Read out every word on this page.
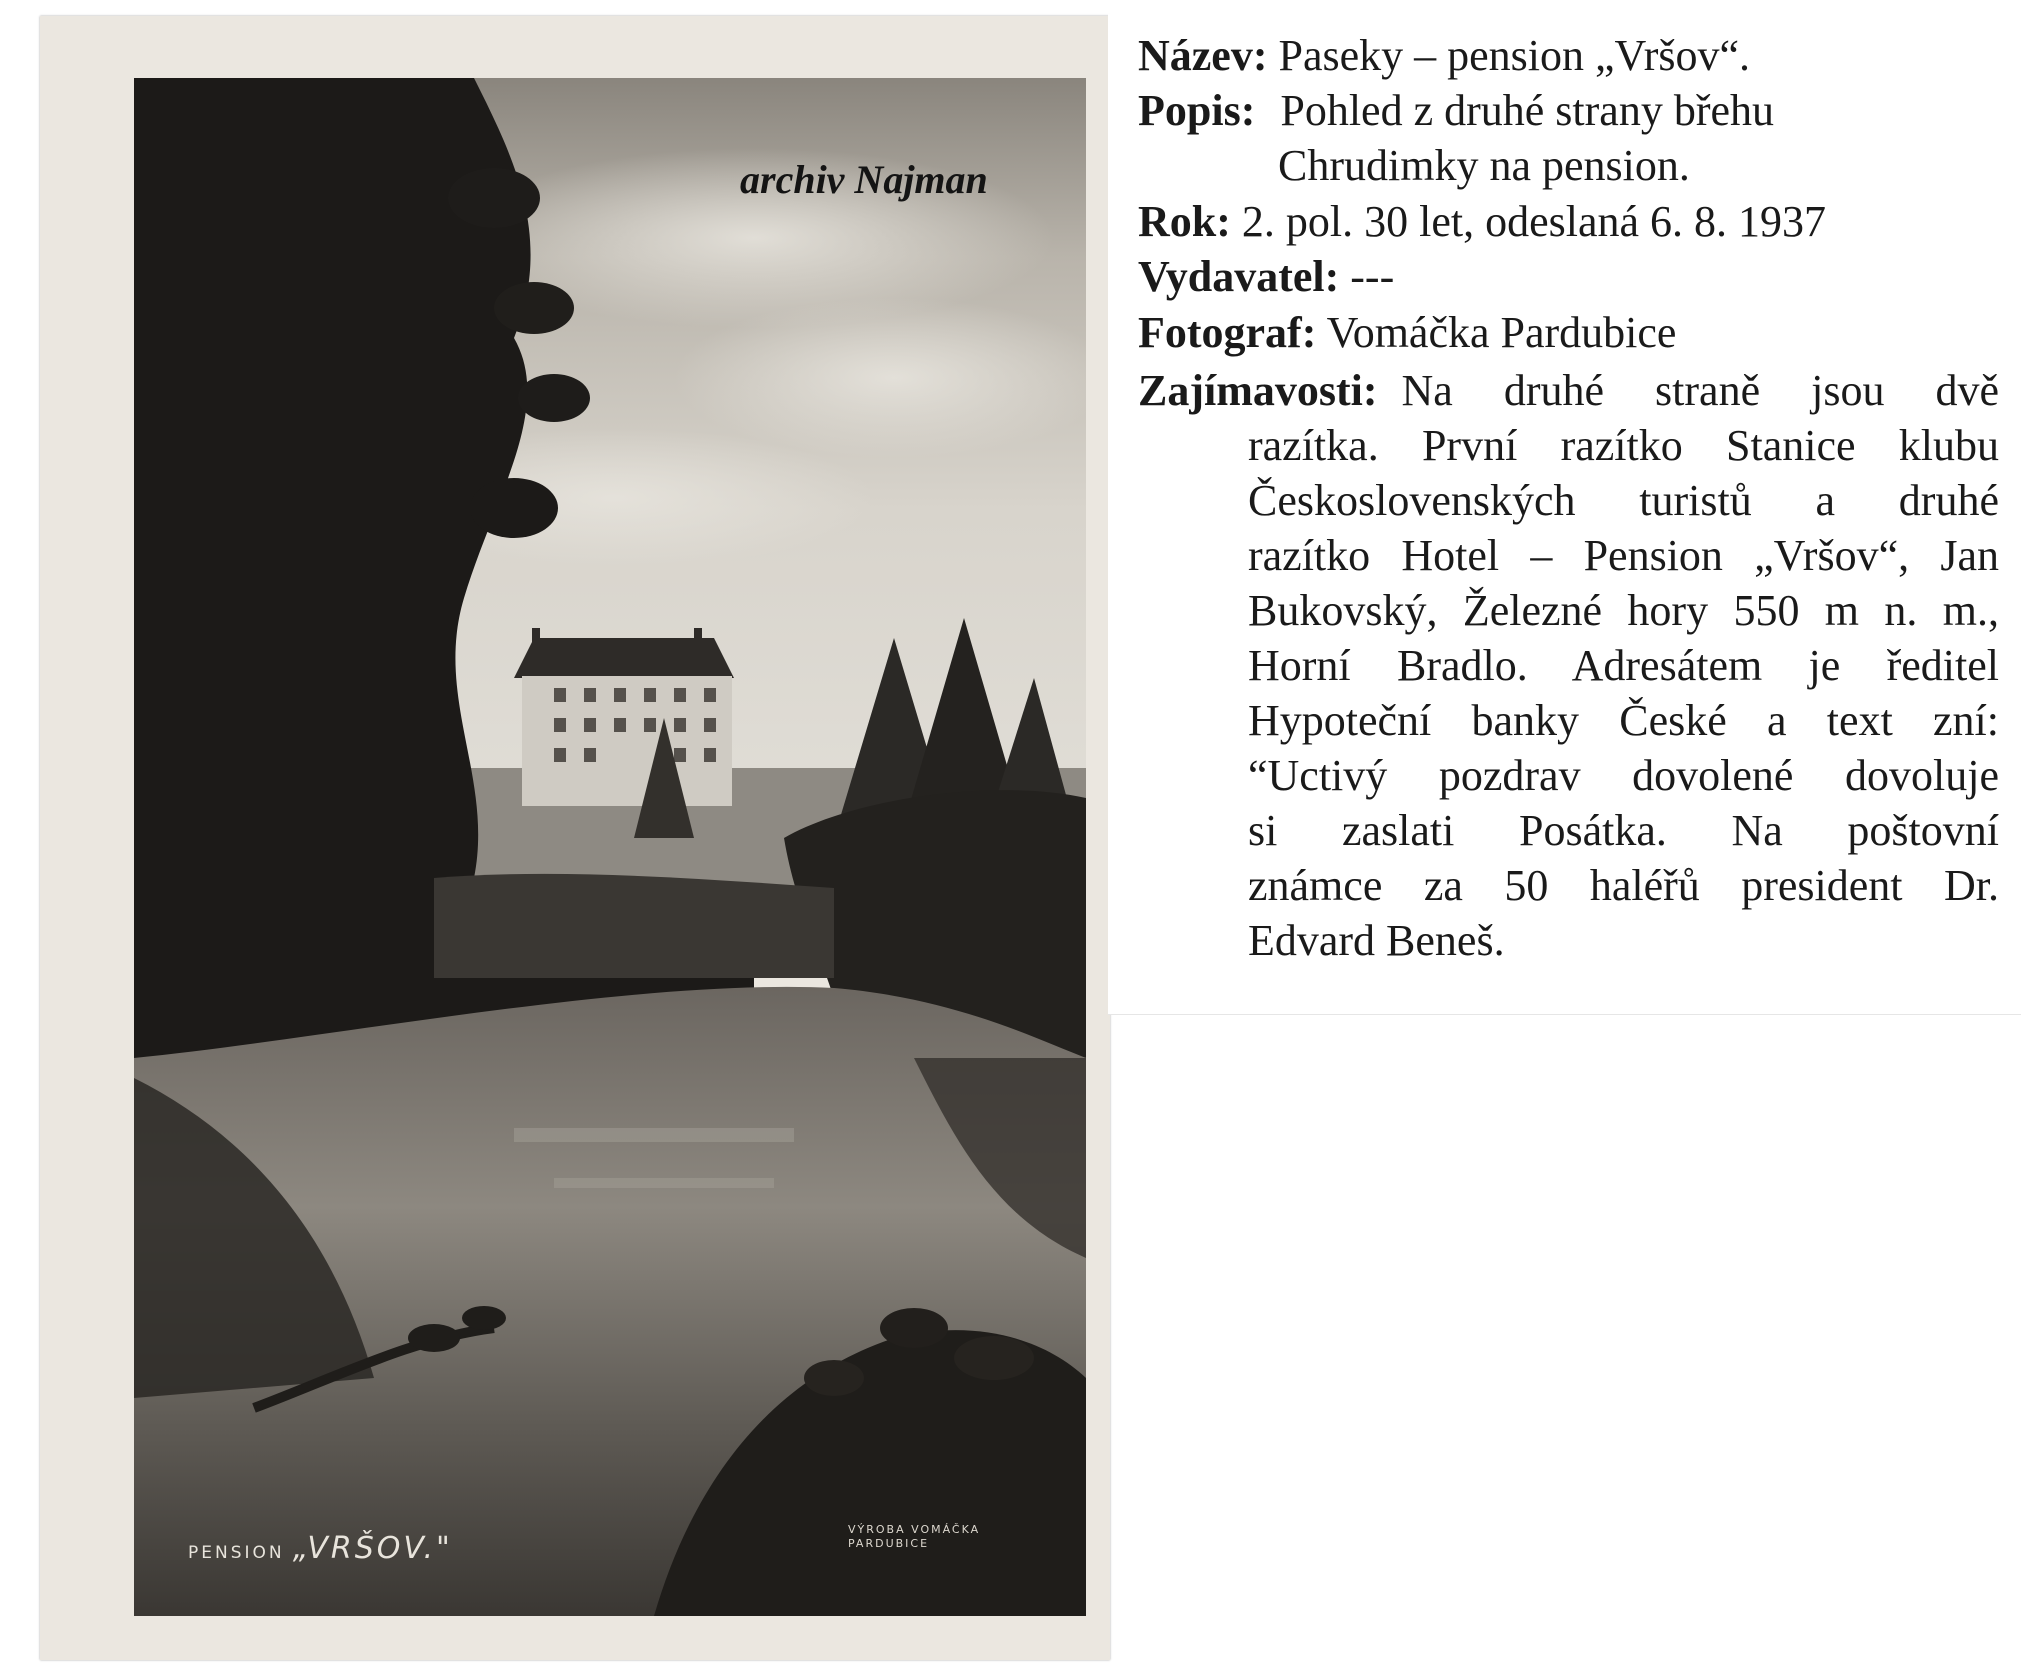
archiv Najman
PENSION „VRŠOV."
VÝROBA VOMÁČKA
PARDUBICE
Název: Paseky – pension „Vršov“.
Popis: Pohled z druhé strany břehu
Chrudimky na pension.
Rok: 2. pol. 30 let, odeslaná 6. 8. 1937
Vydavatel: ---
Fotograf: Vomáčka Pardubice
Zajímavosti: Na druhé straně jsou dvě
razítka. První razítko Stanice klubu
Československých turistů a druhé
razítko Hotel – Pension „Vršov“, Jan
Bukovský, Železné hory 550 m n. m.,
Horní Bradlo. Adresátem je ředitel
Hypoteční banky České a text zní:
“Uctivý pozdrav dovolené dovoluje
si zaslati Posátka. Na poštovní
známce za 50 haléřů president Dr.
Edvard Beneš.
